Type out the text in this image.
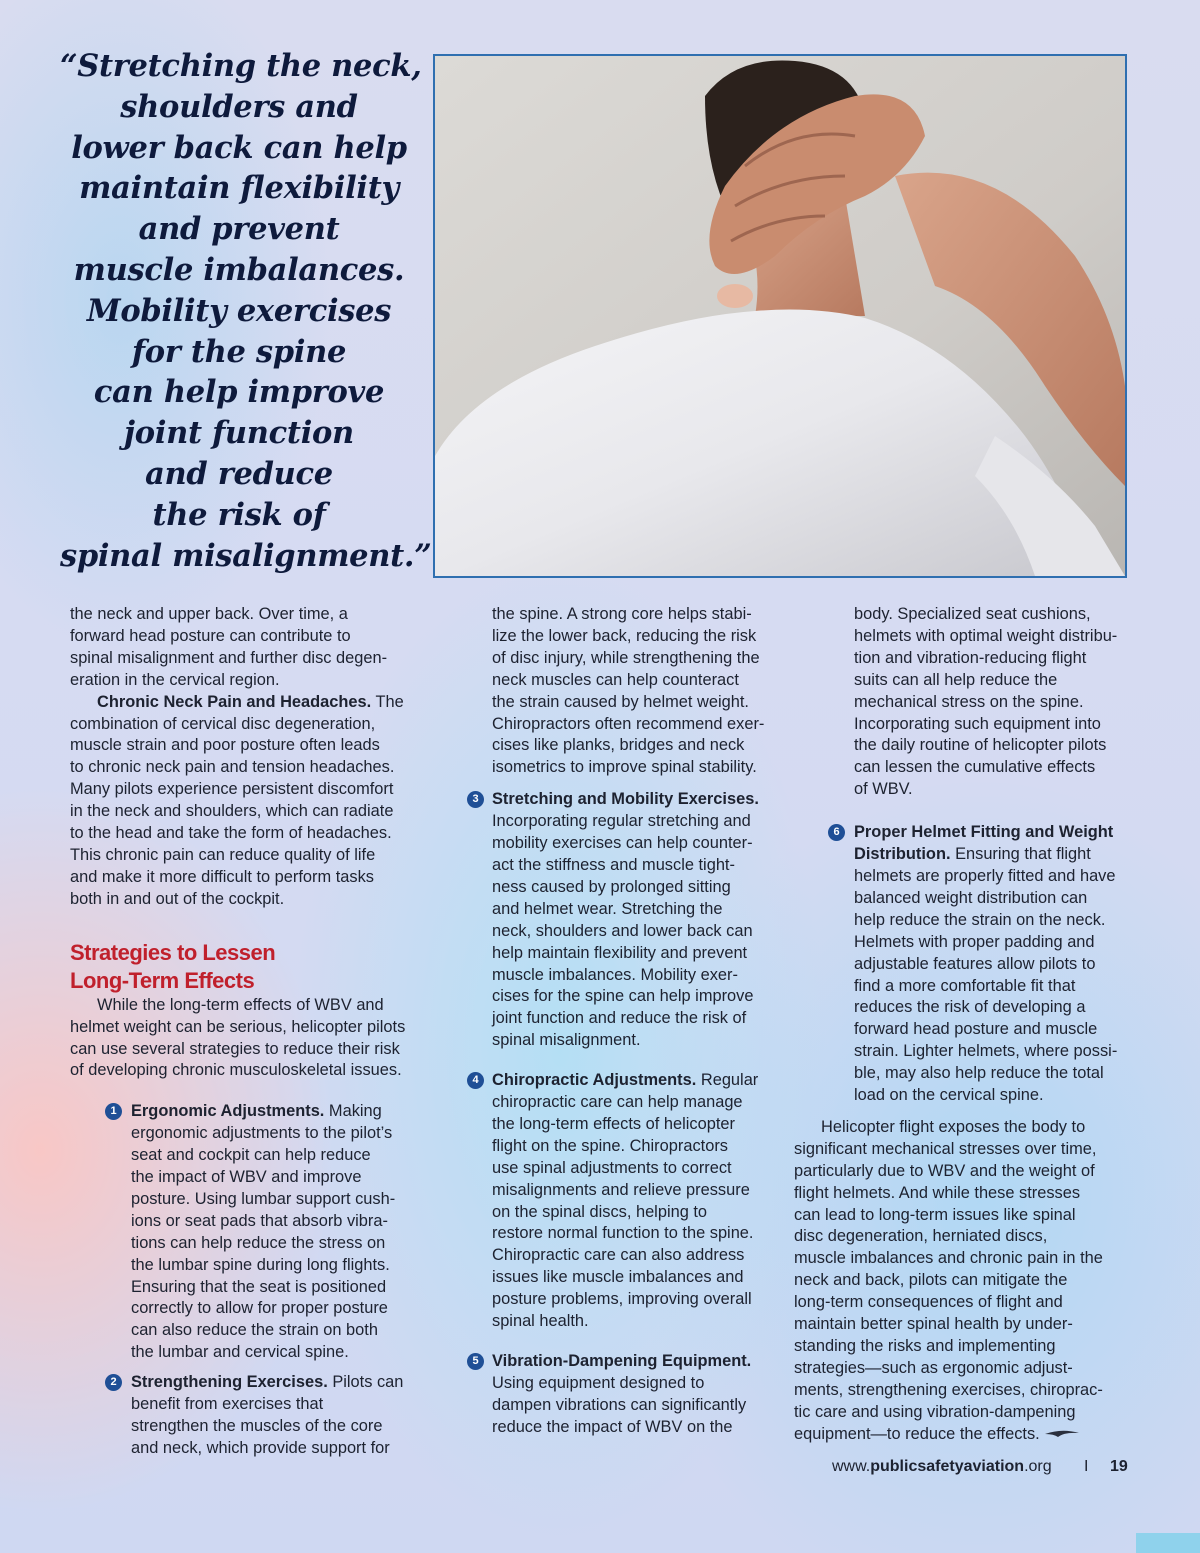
“Stretching the neck,
shoulders and
lower back can help
maintain flexibility
and prevent
muscle imbalances.
Mobility exercises
for the spine
can help improve
joint function
and reduce
the risk of
spinal misalignment.”

the neck and upper back. Over time, a
forward head posture can contribute to
spinal misalignment and further disc degen-
eration in the cervical region.

Chronic Neck Pain and Headaches. The

combination of cervical disc degeneration,
muscle strain and poor posture often leads
to chronic neck pain and tension headaches.
Many pilots experience persistent discomfort
in the neck and shoulders, which can radiate
to the head and take the form of headaches.
This chronic pain can reduce quality of life
and make it more difficult to perform tasks
both in and out of the cockpit.

Strategies to Lessen
Long-Term Effects

While the long-term effects of WBV and
helmet weight can be serious, helicopter pilots
can use several strategies to reduce their risk
of developing chronic musculoskeletal issues.

1 Ergonomic Adjustments. Making

ergonomic adjustments to the pilot’s
seat and cockpit can help reduce
the impact of WBV and improve
posture. Using lumbar support cush-
ions or seat pads that absorb vibra-
tions can help reduce the stress on
the lumbar spine during long flights.
Ensuring that the seat is positioned
correctly to allow for proper posture
can also reduce the strain on both
the lumbar and cervical spine.

2 Strengthening Exercises. Pilots can

benefit from exercises that
strengthen the muscles of the core
and neck, which provide support for

the spine. A strong core helps stabi-
lize the lower back, reducing the risk
of disc injury, while strengthening the
neck muscles can help counteract
the strain caused by helmet weight.
Chiropractors often recommend exer-
cises like planks, bridges and neck
isometrics to improve spinal stability.

3 Stretching and Mobility Exercises.

Incorporating regular stretching and
mobility exercises can help counter-
act the stiffness and muscle tight-
ness caused by prolonged sitting
and helmet wear. Stretching the
neck, shoulders and lower back can
help maintain flexibility and prevent
muscle imbalances. Mobility exer-
cises for the spine can help improve
joint function and reduce the risk of
spinal misalignment.

4 Chiropractic Adjustments. Regular

chiropractic care can help manage
the long-term effects of helicopter
flight on the spine. Chiropractors
use spinal adjustments to correct
misalignments and relieve pressure
on the spinal discs, helping to
restore normal function to the spine.
Chiropractic care can also address
issues like muscle imbalances and
posture problems, improving overall
spinal health.

5 Vibration-Dampening Equipment.

Using equipment designed to
dampen vibrations can significantly
reduce the impact of WBV on the

body. Specialized seat cushions,
helmets with optimal weight distribu-
tion and vibration-reducing flight
suits can all help reduce the
mechanical stress on the spine.
Incorporating such equipment into
the daily routine of helicopter pilots
can lessen the cumulative effects
of WBV.

6 Proper Helmet Fitting and Weight

Distribution. Ensuring that flight

helmets are properly fitted and have
balanced weight distribution can
help reduce the strain on the neck.
Helmets with proper padding and
adjustable features allow pilots to
find a more comfortable fit that
reduces the risk of developing a
forward head posture and muscle
strain. Lighter helmets, where possi-
ble, may also help reduce the total
load on the cervical spine.

Helicopter flight exposes the body to
significant mechanical stresses over time,
particularly due to WBV and the weight of
flight helmets. And while these stresses
can lead to long-term issues like spinal
disc degeneration, herniated discs,
muscle imbalances and chronic pain in the
neck and back, pilots can mitigate the
long-term consequences of flight and
maintain better spinal health by under-
standing the risks and implementing
strategies—such as ergonomic adjust-
ments, strengthening exercises, chiroprac-
tic care and using vibration-dampening
equipment—to reduce the effects.

www.publicsafetyaviation.org I 19
